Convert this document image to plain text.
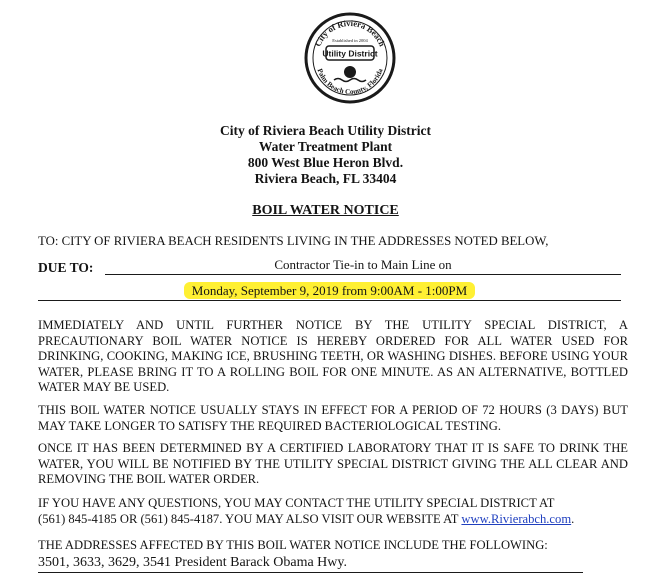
City of Riviera Beach
Palm Beach County, Florida
Established in 2004
Utility District
City of Riviera Beach Utility District
Water Treatment Plant
800 West Blue Heron Blvd.
Riviera Beach, FL 33404
BOIL WATER NOTICE
TO: CITY OF RIVIERA BEACH RESIDENTS LIVING IN THE ADDRESSES NOTED BELOW,
DUE TO:	Contractor Tie-in to Main Line on
Monday, September 9, 2019 from 9:00AM - 1:00PM
IMMEDIATELY AND UNTIL FURTHER NOTICE BY THE UTILITY SPECIAL DISTRICT, A PRECAUTIONARY BOIL WATER NOTICE IS HEREBY ORDERED FOR ALL WATER USED FOR DRINKING, COOKING, MAKING ICE, BRUSHING TEETH, OR WASHING DISHES. BEFORE USING YOUR WATER, PLEASE BRING IT TO A ROLLING BOIL FOR ONE MINUTE. AS AN ALTERNATIVE, BOTTLED WATER MAY BE USED.
THIS BOIL WATER NOTICE USUALLY STAYS IN EFFECT FOR A PERIOD OF 72 HOURS (3 DAYS) BUT MAY TAKE LONGER TO SATISFY THE REQUIRED BACTERIOLOGICAL TESTING.
ONCE IT HAS BEEN DETERMINED BY A CERTIFIED LABORATORY THAT IT IS SAFE TO DRINK THE WATER, YOU WILL BE NOTIFIED BY THE UTILITY SPECIAL DISTRICT GIVING THE ALL CLEAR AND REMOVING THE BOIL WATER ORDER.
IF YOU HAVE ANY QUESTIONS, YOU MAY CONTACT THE UTILITY SPECIAL DISTRICT AT
(561) 845-4185 OR (561) 845-4187. YOU MAY ALSO VISIT OUR WEBSITE AT www.Rivierabch.com.
THE ADDRESSES AFFECTED BY THIS BOIL WATER NOTICE INCLUDE THE FOLLOWING:
3501, 3633, 3629, 3541 President Barack Obama Hwy.
